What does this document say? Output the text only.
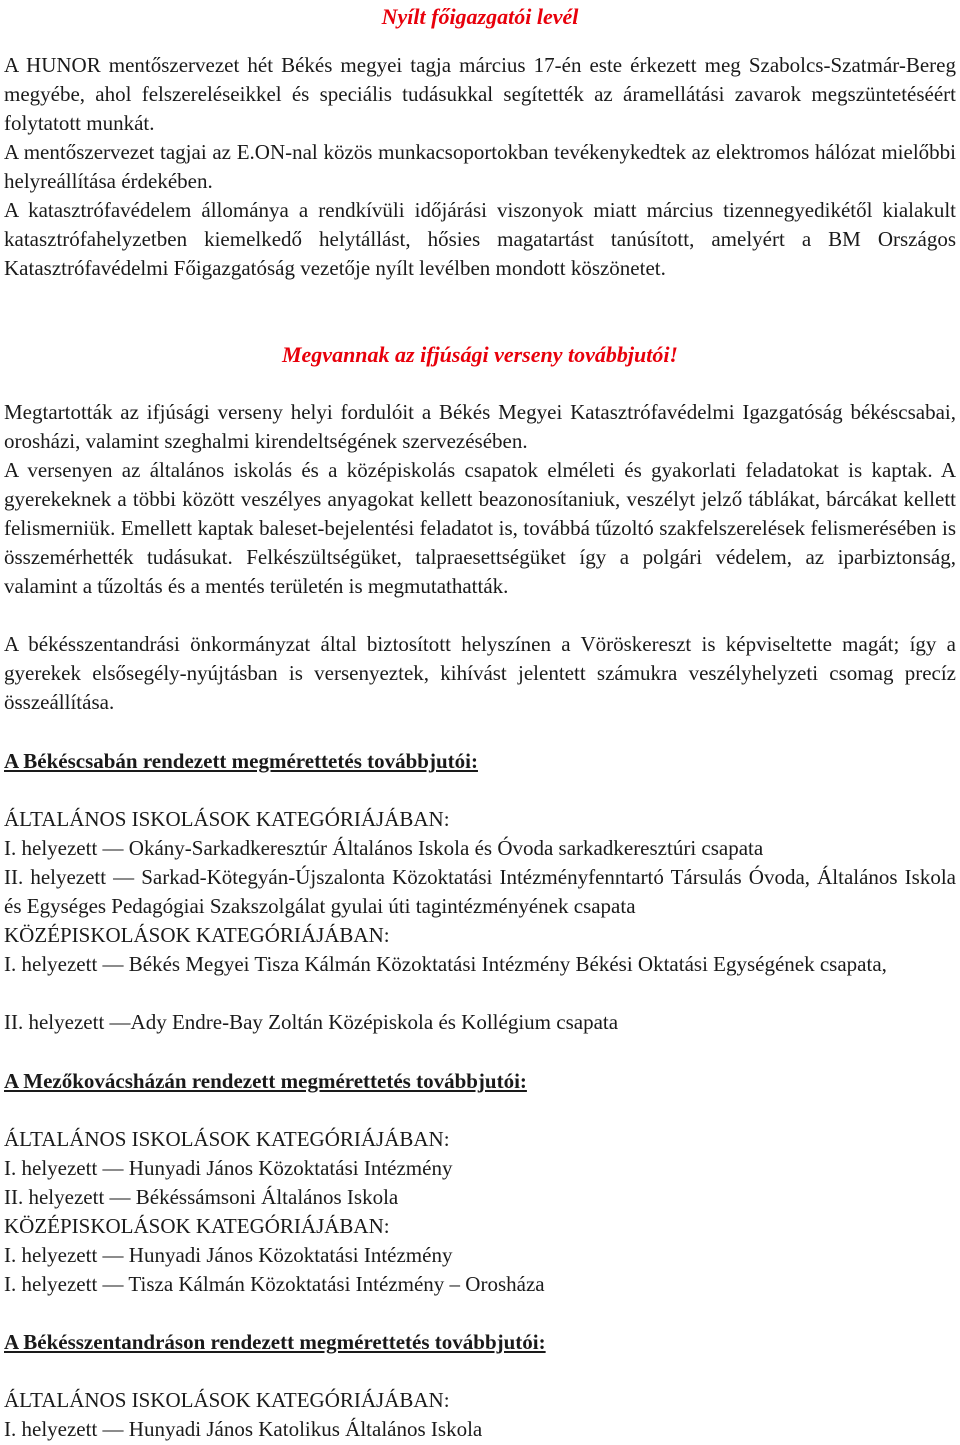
Nyílt főigazgatói levél

A HUNOR mentőszervezet hét Békés megyei tagja március 17-én este érkezett meg Szabolcs-Szatmár-Bereg megyébe, ahol felszereléseikkel és speciális tudásukkal segítették az áramellátási zavarok megszüntetéséért folytatott munkát.

A mentőszervezet tagjai az E.ON-nal közös munkacsoportokban tevékenykedtek az elektromos hálózat mielőbbi helyreállítása érdekében.

A katasztrófavédelem állománya a rendkívüli időjárási viszonyok miatt március tizennegyedikétől kialakult katasztrófahelyzetben kiemelkedő helytállást, hősies magatartást tanúsított, amelyért a BM Országos Katasztrófavédelmi Főigazgatóság vezetője nyílt levélben mondott köszönetet.

Megvannak az ifjúsági verseny továbbjutói!

Megtartották az ifjúsági verseny helyi fordulóit a Békés Megyei Katasztrófavédelmi Igazgatóság békéscsabai, orosházi, valamint szeghalmi kirendeltségének szervezésében.

A versenyen az általános iskolás és a középiskolás csapatok elméleti és gyakorlati feladatokat is kaptak. A gyerekeknek a többi között veszélyes anyagokat kellett beazonosítaniuk, veszélyt jelző táblákat, bárcákat kellett felismerniük. Emellett kaptak baleset-bejelentési feladatot is, továbbá tűzoltó szakfelszerelések felismerésében is összemérhették tudásukat. Felkészültségüket, talpraesettségüket így a polgári védelem, az iparbiztonság, valamint a tűzoltás és a mentés területén is megmutathatták.

A békésszentandrási önkormányzat által biztosított helyszínen a Vöröskereszt is képviseltette magát; így a gyerekek elsősegély-nyújtásban is versenyeztek, kihívást jelentett számukra veszélyhelyzeti csomag precíz összeállítása.

A Békéscsabán rendezett megmérettetés továbbjutói:

ÁLTALÁNOS ISKOLÁSOK KATEGÓRIÁJÁBAN:

I. helyezett ― Okány-Sarkadkeresztúr Általános Iskola és Óvoda sarkadkeresztúri csapata

II. helyezett ― Sarkad-Kötegyán-Újszalonta Közoktatási Intézményfenntartó Társulás Óvoda, Általános Iskola és Egységes Pedagógiai Szakszolgálat gyulai úti tagintézményének csapata

KÖZÉPISKOLÁSOK KATEGÓRIÁJÁBAN:

I. helyezett ― Békés Megyei Tisza Kálmán Közoktatási Intézmény Békési Oktatási Egységének csapata,

II. helyezett ―Ady Endre-Bay Zoltán Középiskola és Kollégium csapata

A Mezőkovácsházán rendezett megmérettetés továbbjutói:

ÁLTALÁNOS ISKOLÁSOK KATEGÓRIÁJÁBAN:

I. helyezett ― Hunyadi János Közoktatási Intézmény

II. helyezett ― Békéssámsoni Általános Iskola

KÖZÉPISKOLÁSOK KATEGÓRIÁJÁBAN:

I. helyezett ― Hunyadi János Közoktatási Intézmény

I. helyezett ― Tisza Kálmán Közoktatási Intézmény – Orosháza

A Békésszentandráson rendezett megmérettetés továbbjutói:

ÁLTALÁNOS ISKOLÁSOK KATEGÓRIÁJÁBAN:

I. helyezett ― Hunyadi János Katolikus Általános Iskola
